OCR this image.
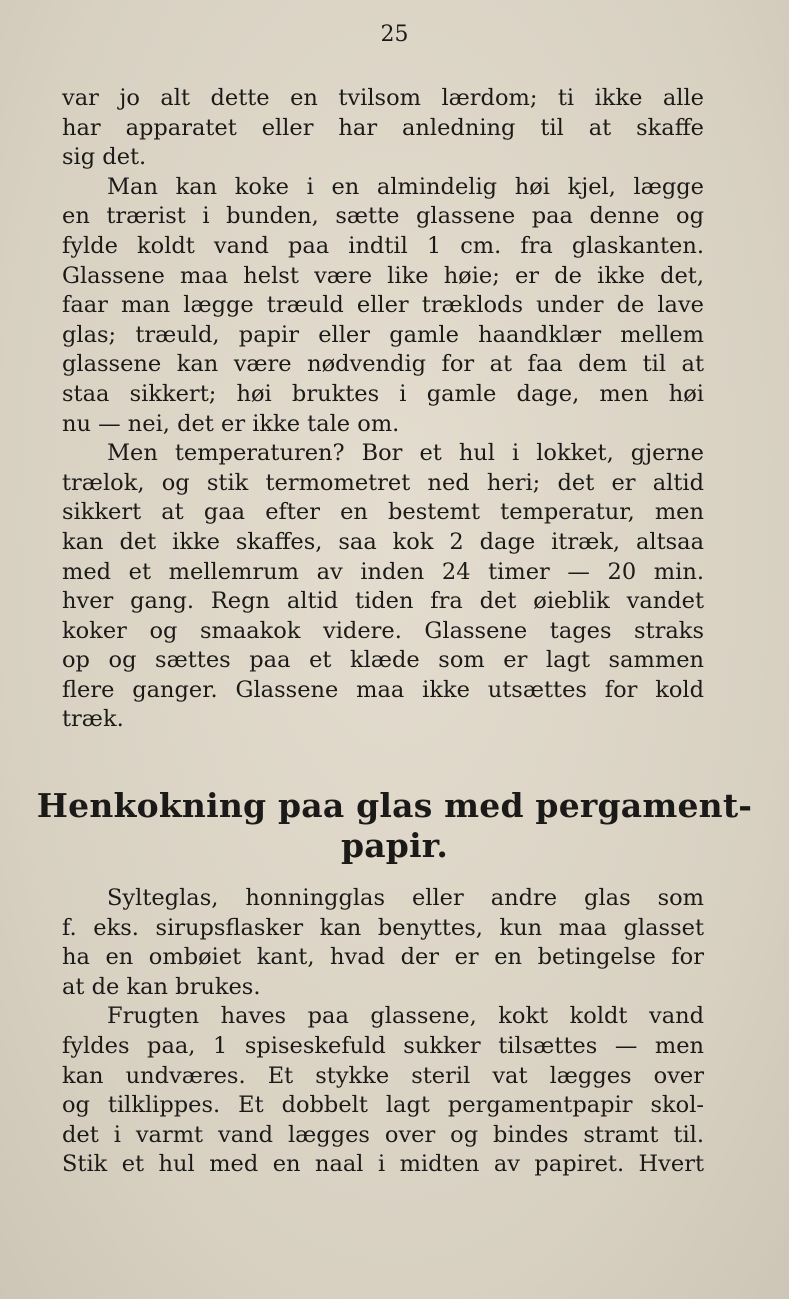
25
var jo alt dette en tvilsom lærdom; ti ikke alle
har apparatet eller har anledning til at skaffe
sig det.
Man kan koke i en almindelig høi kjel, lægge
en trærist i bunden, sætte glassene paa denne og
fylde koldt vand paa indtil 1 cm. fra glaskanten.
Glassene maa helst være like høie; er de ikke det,
faar man lægge træuld eller træklods under de lave
glas; træuld, papir eller gamle haandklær mellem
glassene kan være nødvendig for at faa dem til at
staa sikkert; høi bruktes i gamle dage, men høi
nu — nei, det er ikke tale om.
Men temperaturen? Bor et hul i lokket, gjerne
trælok, og stik termometret ned heri; det er altid
sikkert at gaa efter en bestemt temperatur, men
kan det ikke skaffes, saa kok 2 dage itræk, altsaa
med et mellemrum av inden 24 timer — 20 min.
hver gang. Regn altid tiden fra det øieblik vandet
koker og smaakok videre. Glassene tages straks
op og sættes paa et klæde som er lagt sammen
flere ganger. Glassene maa ikke utsættes for kold
træk.
Henkokning paa glas med pergament-
papir.
Sylteglas, honningglas eller andre glas som
f. eks. sirupsflasker kan benyttes, kun maa glasset
ha en ombøiet kant, hvad der er en betingelse for
at de kan brukes.
Frugten haves paa glassene, kokt koldt vand
fyldes paa, 1 spiseskefuld sukker tilsættes — men
kan undværes. Et stykke steril vat lægges over
og tilklippes. Et dobbelt lagt pergamentpapir skol-
det i varmt vand lægges over og bindes stramt til.
Stik et hul med en naal i midten av papiret. Hvert
